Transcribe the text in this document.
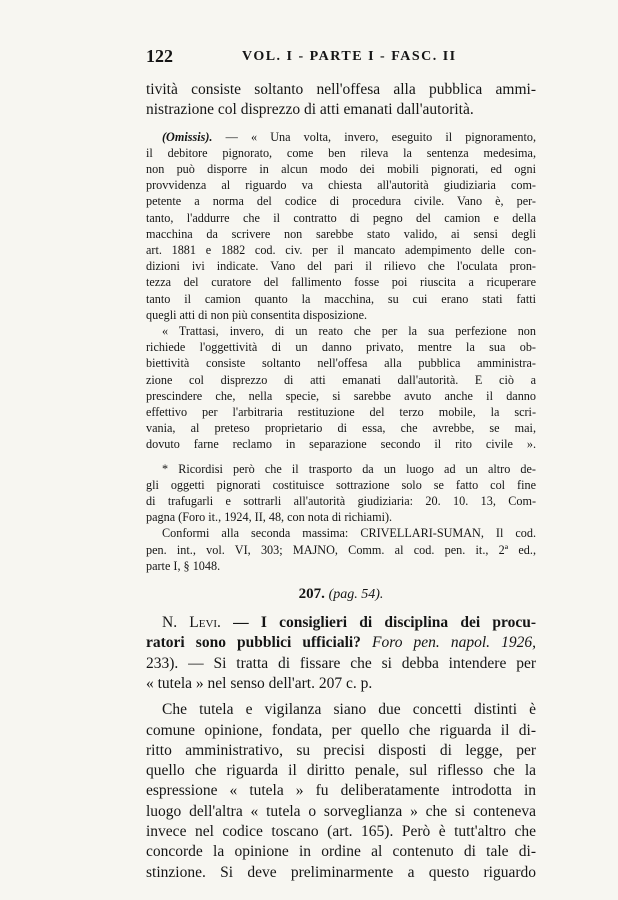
122	VOL. I - PARTE I - FASC. II

tività consiste soltanto nell'offesa alla pubblica ammi-

nistrazione col disprezzo di atti emanati dall'autorità.

(Omissis). — « Una volta, invero, eseguito il pignoramento,

il debitore pignorato, come ben rileva la sentenza medesima,

non può disporre in alcun modo dei mobili pignorati, ed ogni

provvidenza al riguardo va chiesta all'autorità giudiziaria com-

petente a norma del codice di procedura civile. Vano è, per-

tanto, l'addurre che il contratto di pegno del camion e della

macchina da scrivere non sarebbe stato valido, ai sensi degli

art. 1881 e 1882 cod. civ. per il mancato adempimento delle con-

dizioni ivi indicate. Vano del pari il rilievo che l'oculata pron-

tezza del curatore del fallimento fosse poi riuscita a ricuperare

tanto il camion quanto la macchina, su cui erano stati fatti

quegli atti di non più consentita disposizione.

« Trattasi, invero, di un reato che per la sua perfezione non

richiede l'oggettività di un danno privato, mentre la sua ob-

biettività consiste soltanto nell'offesa alla pubblica amministra-

zione col disprezzo di atti emanati dall'autorità. E ciò a

prescindere che, nella specie, si sarebbe avuto anche il danno

effettivo per l'arbitraria restituzione del terzo mobile, la scri-

vania, al preteso proprietario di essa, che avrebbe, se mai,

dovuto farne reclamo in separazione secondo il rito civile ».

* Ricordisi però che il trasporto da un luogo ad un altro de-

gli oggetti pignorati costituisce sottrazione solo se fatto col fine

di trafugarli e sottrarli all'autorità giudiziaria: 20. 10. 13, Com-

pagna (Foro it., 1924, II, 48, con nota di richiami).

Conformi alla seconda massima: CRIVELLARI-SUMAN, Il cod.

pen. int., vol. VI, 303; MAJNO, Comm. al cod. pen. it., 2ª ed.,

parte I, § 1048.

207. (pag. 54).

N. Levi. — I consiglieri di disciplina dei procu-

ratori sono pubblici ufficiali? Foro pen. napol. 1926,

233). — Si tratta di fissare che si debba intendere per

« tutela » nel senso dell'art. 207 c. p.

Che tutela e vigilanza siano due concetti distinti è

comune opinione, fondata, per quello che riguarda il di-

ritto amministrativo, su precisi disposti di legge, per

quello che riguarda il diritto penale, sul riflesso che la

espressione « tutela » fu deliberatamente introdotta in

luogo dell'altra « tutela o sorveglianza » che si conteneva

invece nel codice toscano (art. 165). Però è tutt'altro che

concorde la opinione in ordine al contenuto di tale di-

stinzione. Si deve preliminarmente a questo riguardo
